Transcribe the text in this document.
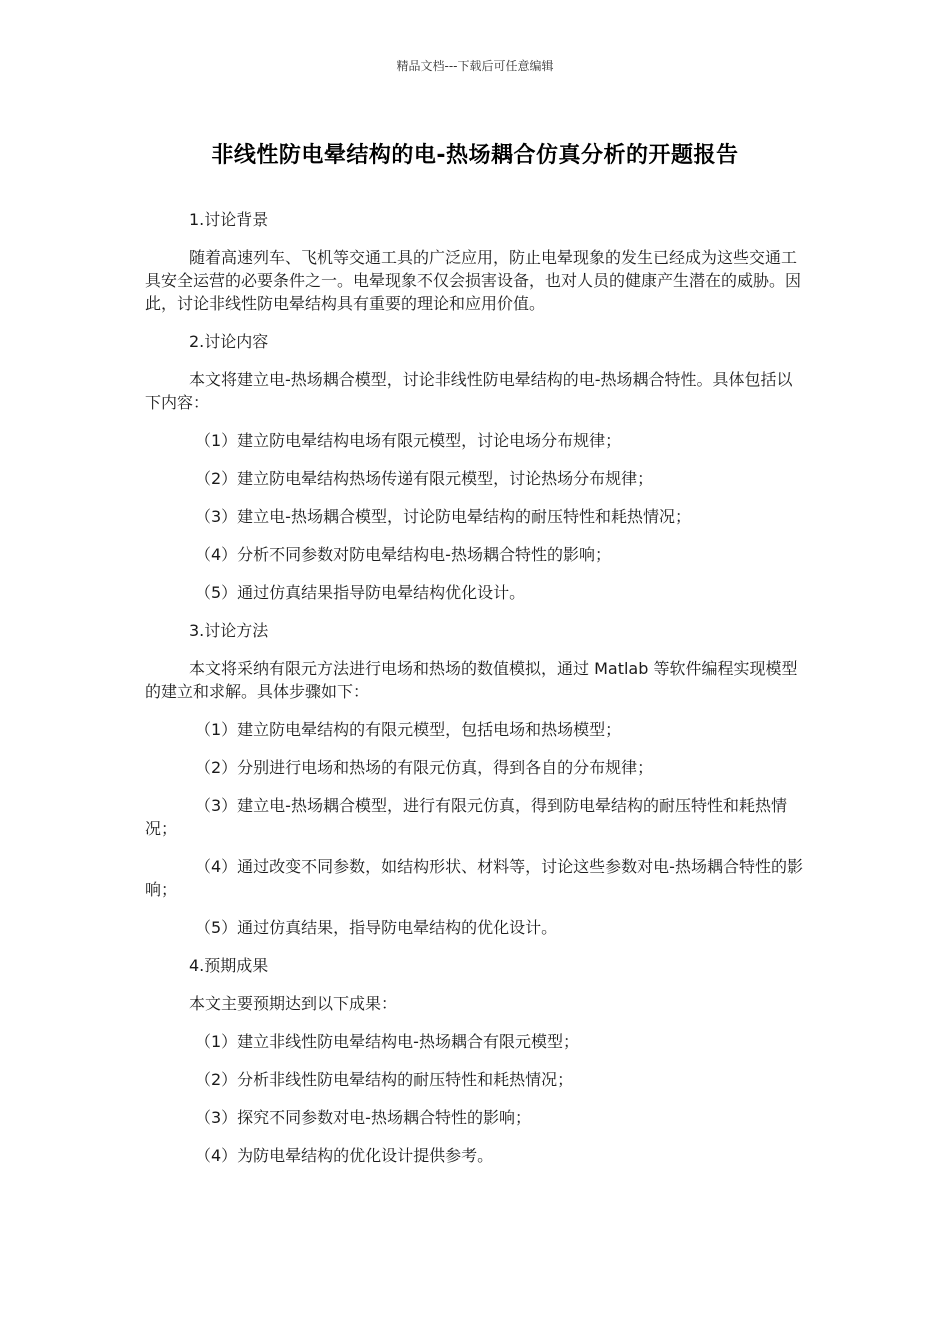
精品文档---下载后可任意编辑
非线性防电晕结构的电-热场耦合仿真分析的开题报告
1.讨论背景
随着高速列车、飞机等交通工具的广泛应用，防止电晕现象的发生已经成为这些交通工具安全运营的必要条件之一。电晕现象不仅会损害设备，也对人员的健康产生潜在的威胁。因此，讨论非线性防电晕结构具有重要的理论和应用价值。
2.讨论内容
本文将建立电-热场耦合模型，讨论非线性防电晕结构的电-热场耦合特性。具体包括以下内容：
（1）建立防电晕结构电场有限元模型，讨论电场分布规律；
（2）建立防电晕结构热场传递有限元模型，讨论热场分布规律；
（3）建立电-热场耦合模型，讨论防电晕结构的耐压特性和耗热情况；
（4）分析不同参数对防电晕结构电-热场耦合特性的影响；
（5）通过仿真结果指导防电晕结构优化设计。
3.讨论方法
本文将采纳有限元方法进行电场和热场的数值模拟，通过 Matlab 等软件编程实现模型的建立和求解。具体步骤如下：
（1）建立防电晕结构的有限元模型，包括电场和热场模型；
（2）分别进行电场和热场的有限元仿真，得到各自的分布规律；
（3）建立电-热场耦合模型，进行有限元仿真，得到防电晕结构的耐压特性和耗热情况；
（4）通过改变不同参数，如结构形状、材料等，讨论这些参数对电-热场耦合特性的影响；
（5）通过仿真结果，指导防电晕结构的优化设计。
4.预期成果
本文主要预期达到以下成果：
（1）建立非线性防电晕结构电-热场耦合有限元模型；
（2）分析非线性防电晕结构的耐压特性和耗热情况；
（3）探究不同参数对电-热场耦合特性的影响；
（4）为防电晕结构的优化设计提供参考。
